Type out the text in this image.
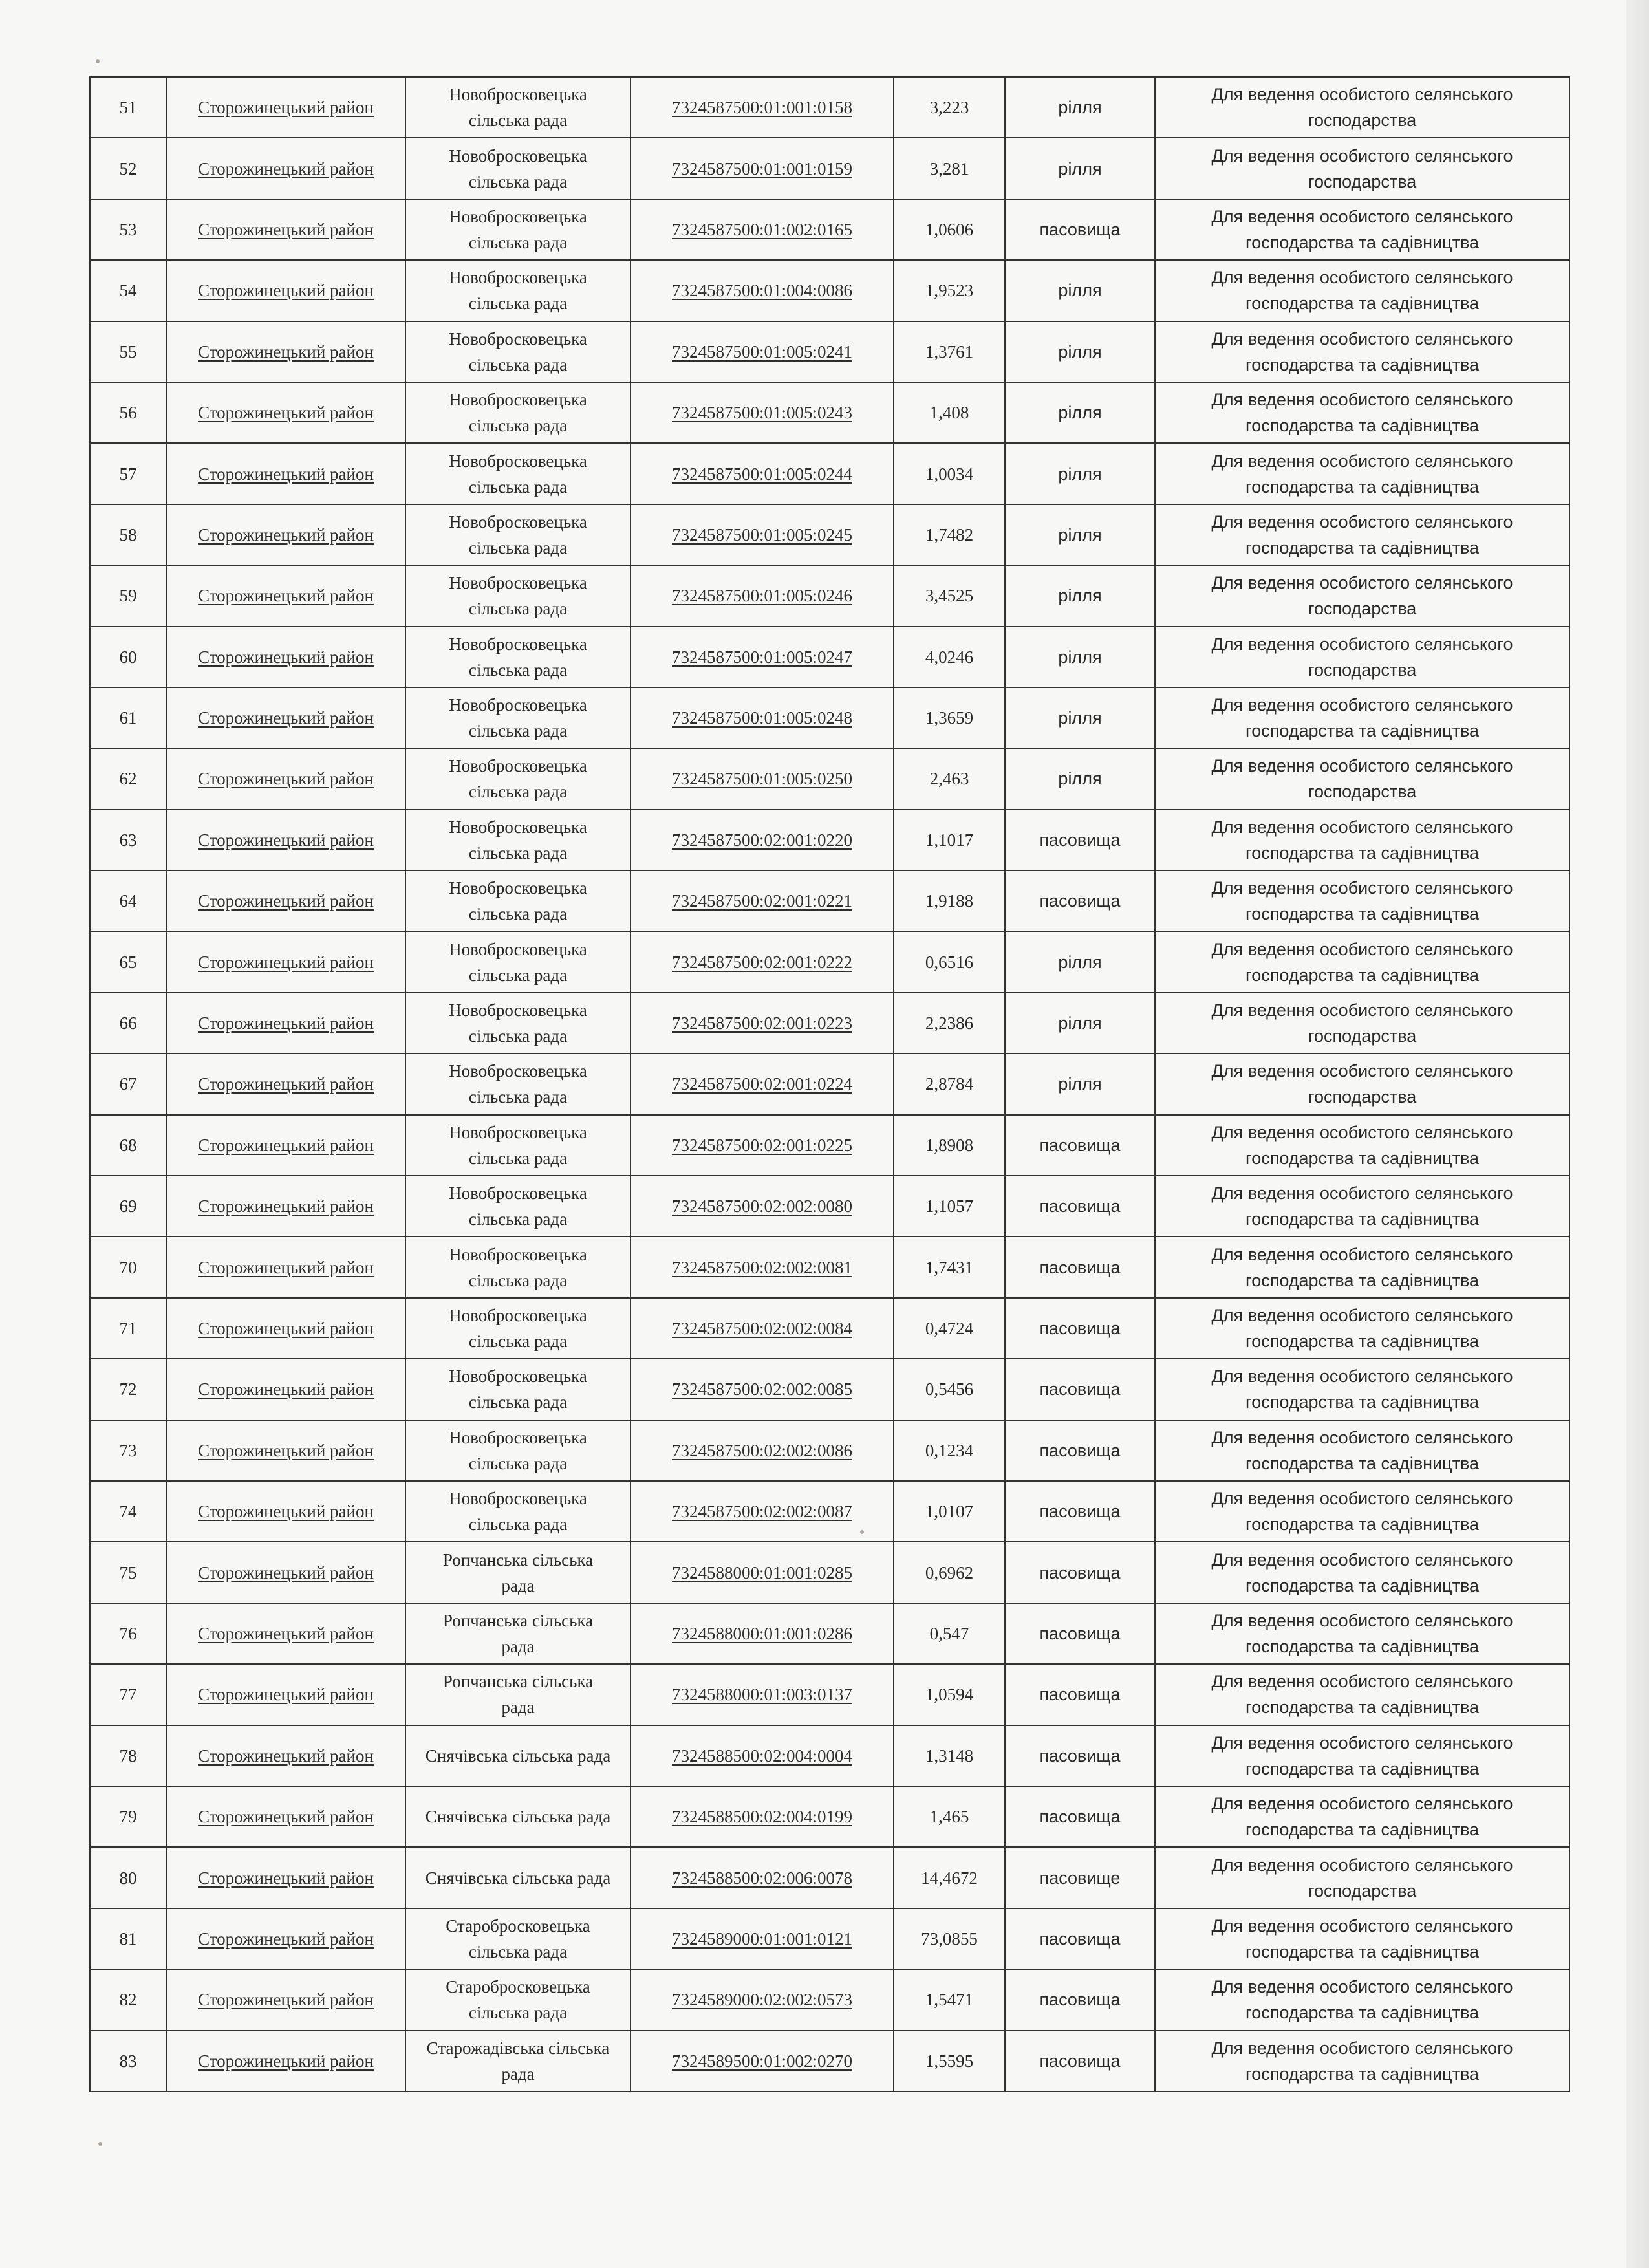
51	Сторожинецький район	Новобросковецька сільська рада	7324587500:01:001:0158	3,223	рілля	Для ведення особистого селянського господарства

52	Сторожинецький район	Новобросковецька сільська рада	7324587500:01:001:0159	3,281	рілля	Для ведення особистого селянського господарства

53	Сторожинецький район	Новобросковецька сільська рада	7324587500:01:002:0165	1,0606	пасовища	Для ведення особистого селянського господарства та садівництва

54	Сторожинецький район	Новобросковецька сільська рада	7324587500:01:004:0086	1,9523	рілля	Для ведення особистого селянського господарства та садівництва

55	Сторожинецький район	Новобросковецька сільська рада	7324587500:01:005:0241	1,3761	рілля	Для ведення особистого селянського господарства та садівництва

56	Сторожинецький район	Новобросковецька сільська рада	7324587500:01:005:0243	1,408	рілля	Для ведення особистого селянського господарства та садівництва

57	Сторожинецький район	Новобросковецька сільська рада	7324587500:01:005:0244	1,0034	рілля	Для ведення особистого селянського господарства та садівництва

58	Сторожинецький район	Новобросковецька сільська рада	7324587500:01:005:0245	1,7482	рілля	Для ведення особистого селянського господарства та садівництва

59	Сторожинецький район	Новобросковецька сільська рада	7324587500:01:005:0246	3,4525	рілля	Для ведення особистого селянського господарства

60	Сторожинецький район	Новобросковецька сільська рада	7324587500:01:005:0247	4,0246	рілля	Для ведення особистого селянського господарства

61	Сторожинецький район	Новобросковецька сільська рада	7324587500:01:005:0248	1,3659	рілля	Для ведення особистого селянського господарства та садівництва

62	Сторожинецький район	Новобросковецька сільська рада	7324587500:01:005:0250	2,463	рілля	Для ведення особистого селянського господарства

63	Сторожинецький район	Новобросковецька сільська рада	7324587500:02:001:0220	1,1017	пасовища	Для ведення особистого селянського господарства та садівництва

64	Сторожинецький район	Новобросковецька сільська рада	7324587500:02:001:0221	1,9188	пасовища	Для ведення особистого селянського господарства та садівництва

65	Сторожинецький район	Новобросковецька сільська рада	7324587500:02:001:0222	0,6516	рілля	Для ведення особистого селянського господарства та садівництва

66	Сторожинецький район	Новобросковецька сільська рада	7324587500:02:001:0223	2,2386	рілля	Для ведення особистого селянського господарства

67	Сторожинецький район	Новобросковецька сільська рада	7324587500:02:001:0224	2,8784	рілля	Для ведення особистого селянського господарства

68	Сторожинецький район	Новобросковецька сільська рада	7324587500:02:001:0225	1,8908	пасовища	Для ведення особистого селянського господарства та садівництва

69	Сторожинецький район	Новобросковецька сільська рада	7324587500:02:002:0080	1,1057	пасовища	Для ведення особистого селянського господарства та садівництва

70	Сторожинецький район	Новобросковецька сільська рада	7324587500:02:002:0081	1,7431	пасовища	Для ведення особистого селянського господарства та садівництва

71	Сторожинецький район	Новобросковецька сільська рада	7324587500:02:002:0084	0,4724	пасовища	Для ведення особистого селянського господарства та садівництва

72	Сторожинецький район	Новобросковецька сільська рада	7324587500:02:002:0085	0,5456	пасовища	Для ведення особистого селянського господарства та садівництва

73	Сторожинецький район	Новобросковецька сільська рада	7324587500:02:002:0086	0,1234	пасовища	Для ведення особистого селянського господарства та садівництва

74	Сторожинецький район	Новобросковецька сільська рада	7324587500:02:002:0087	1,0107	пасовища	Для ведення особистого селянського господарства та садівництва

75	Сторожинецький район	Ропчанська сільська рада	7324588000:01:001:0285	0,6962	пасовища	Для ведення особистого селянського господарства та садівництва

76	Сторожинецький район	Ропчанська сільська рада	7324588000:01:001:0286	0,547	пасовища	Для ведення особистого селянського господарства та садівництва

77	Сторожинецький район	Ропчанська сільська рада	7324588000:01:003:0137	1,0594	пасовища	Для ведення особистого селянського господарства та садівництва

78	Сторожинецький район	Снячівська сільська рада	7324588500:02:004:0004	1,3148	пасовища	Для ведення особистого селянського господарства та садівництва

79	Сторожинецький район	Снячівська сільська рада	7324588500:02:004:0199	1,465	пасовища	Для ведення особистого селянського господарства та садівництва

80	Сторожинецький район	Снячівська сільська рада	7324588500:02:006:0078	14,4672	пасовище	Для ведення особистого селянського господарства

81	Сторожинецький район	Старобросковецька сільська рада	7324589000:01:001:0121	73,0855	пасовища	Для ведення особистого селянського господарства та садівництва

82	Сторожинецький район	Старобросковецька сільська рада	7324589000:02:002:0573	1,5471	пасовища	Для ведення особистого селянського господарства та садівництва

83	Сторожинецький район	Старожадівська сільська рада	7324589500:01:002:0270	1,5595	пасовища	Для ведення особистого селянського господарства та садівництва
